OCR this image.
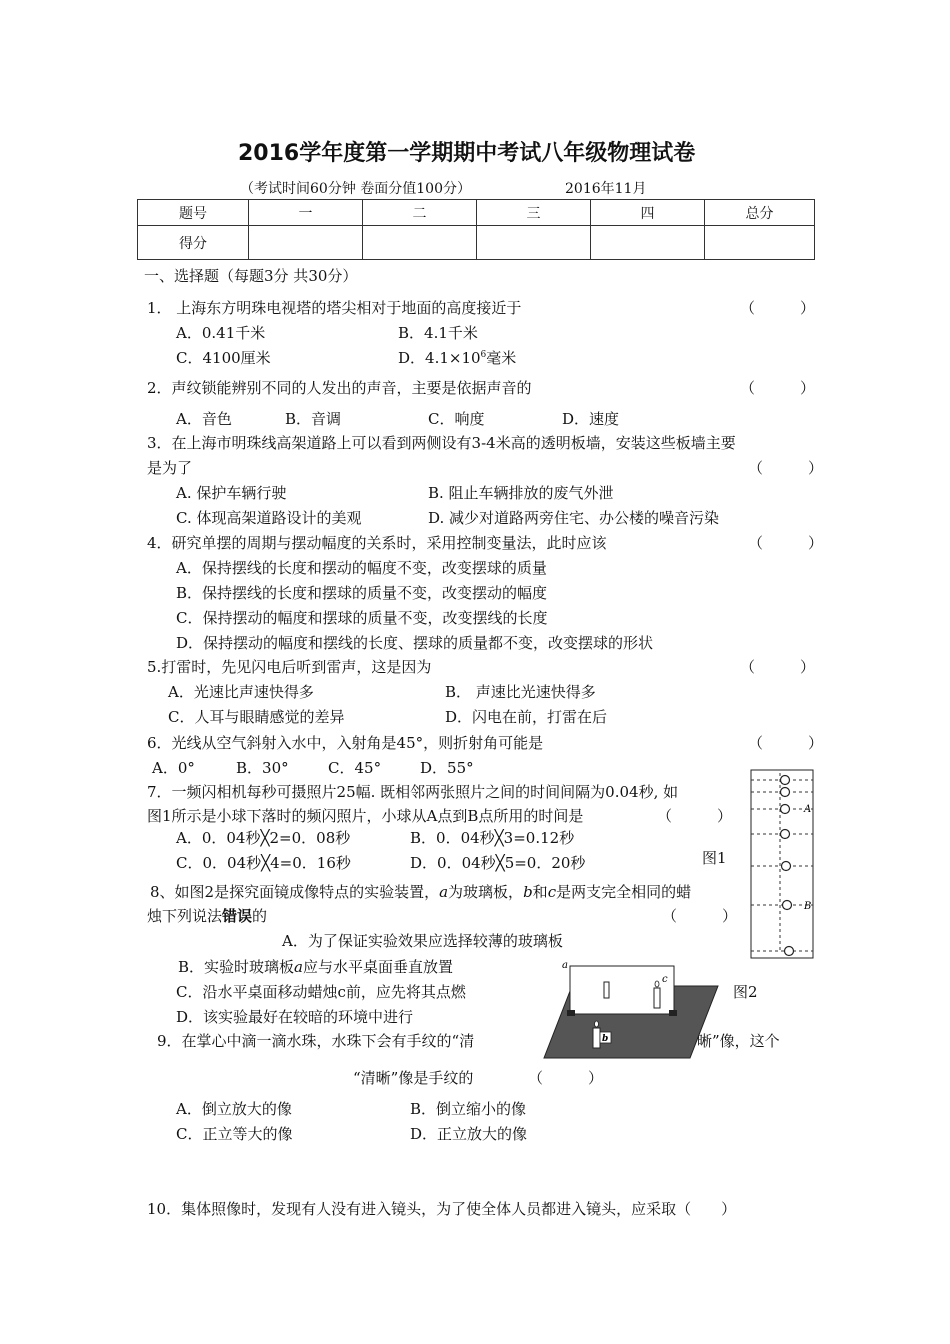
2016学年度第一学期期中考试八年级物理试卷
（考试时间60分钟 卷面分值100分）	2016年11月
题号	一	二	三	四	总分
得分					
一、选择题（每题3分 共30分）
1． 上海东方明珠电视塔的塔尖相对于地面的高度接近于	（　　　）
A．0.41千米	B．4.1千米
C．4100厘米	D．$4.1\times 10^6$毫米
2．声纹锁能辨别不同的人发出的声音，主要是依据声音的	（　　　）
A．音色	B．音调	C．响度	D．速度
3．在上海市明珠线高架道路上可以看到两侧设有3-4米高的透明板墙，安装这些板墙主要
是为了	（　　　）
A. 保护车辆行驶	B. 阻止车辆排放的废气外泄
C. 体现高架道路设计的美观	D. 减少对道路两旁住宅、办公楼的噪音污染
4．研究单摆的周期与摆动幅度的关系时，采用控制变量法，此时应该	（　　　）
A．保持摆线的长度和摆动的幅度不变，改变摆球的质量
B．保持摆线的长度和摆球的质量不变，改变摆动的幅度
C．保持摆动的幅度和摆球的质量不变，改变摆线的长度
D．保持摆动的幅度和摆线的长度、摆球的质量都不变，改变摆球的形状
5.打雷时，先见闪电后听到雷声，这是因为	（　　　）
A．光速比声速快得多	B． 声速比光速快得多
C．人耳与眼睛感觉的差异	D．闪电在前，打雷在后
6．光线从空气斜射入水中，入射角是45°，则折射角可能是	（　　　）
A．0°	B．30°	C．45°	D．55°
7．一频闪相机每秒可摄照片25幅. 既相邻两张照片之间的时间间隔为0.04秒, 如
图1所示是小球下落时的频闪照片，小球从A点到B点所用的时间是	（　　　）
A．0．04秒╳2=0．08秒	B．0．04秒╳3=0.12秒
C．0．04秒╳4=0．16秒	D．0．04秒╳5=0．20秒	图1
8、如图2是探究面镜成像特点的实验装置，a为玻璃板，b和c是两支完全相同的蜡
烛下列说法错误的	（　　　）
A．为了保证实验效果应选择较薄的玻璃板
B．实验时玻璃板a应与水平桌面垂直放置
C．沿水平桌面移动蜡烛c前，应先将其点燃
D．该实验最好在较暗的环境中进行
图2
9．在掌心中滴一滴水珠，水珠下会有手纹的“清	晰”像，这个
“清晰”像是手纹的	（　　　）
A．倒立放大的像	B．倒立缩小的像
C．正立等大的像	D．正立放大的像
10．集体照像时，发现有人没有进入镜头，为了使全体人员都进入镜头，应采取（　　）
A
B
b
a
c
